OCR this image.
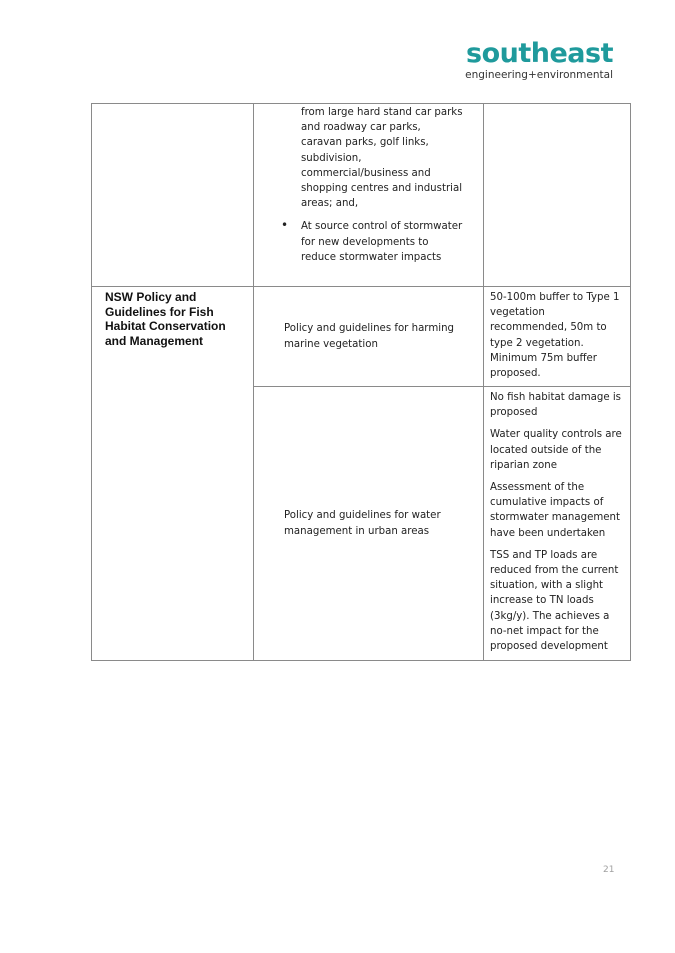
southeast
engineering+environmental

	from large hard stand car parks and roadway car parks, caravan parks, golf links, subdivision, commercial/business and shopping centres and industrial areas; and,
• At source control of stormwater for new developments to reduce stormwater impacts	

NSW Policy and Guidelines for Fish Habitat Conservation and Management	Policy and guidelines for harming marine vegetation	50-100m buffer to Type 1 vegetation recommended, 50m to type 2 vegetation. Minimum 75m buffer proposed.

	Policy and guidelines for water management in urban areas	No fish habitat damage is proposed
Water quality controls are located outside of the riparian zone
Assessment of the cumulative impacts of stormwater management have been undertaken
TSS and TP loads are reduced from the current situation, with a slight increase to TN loads (3kg/y). The achieves a no-net impact for the proposed development
21
